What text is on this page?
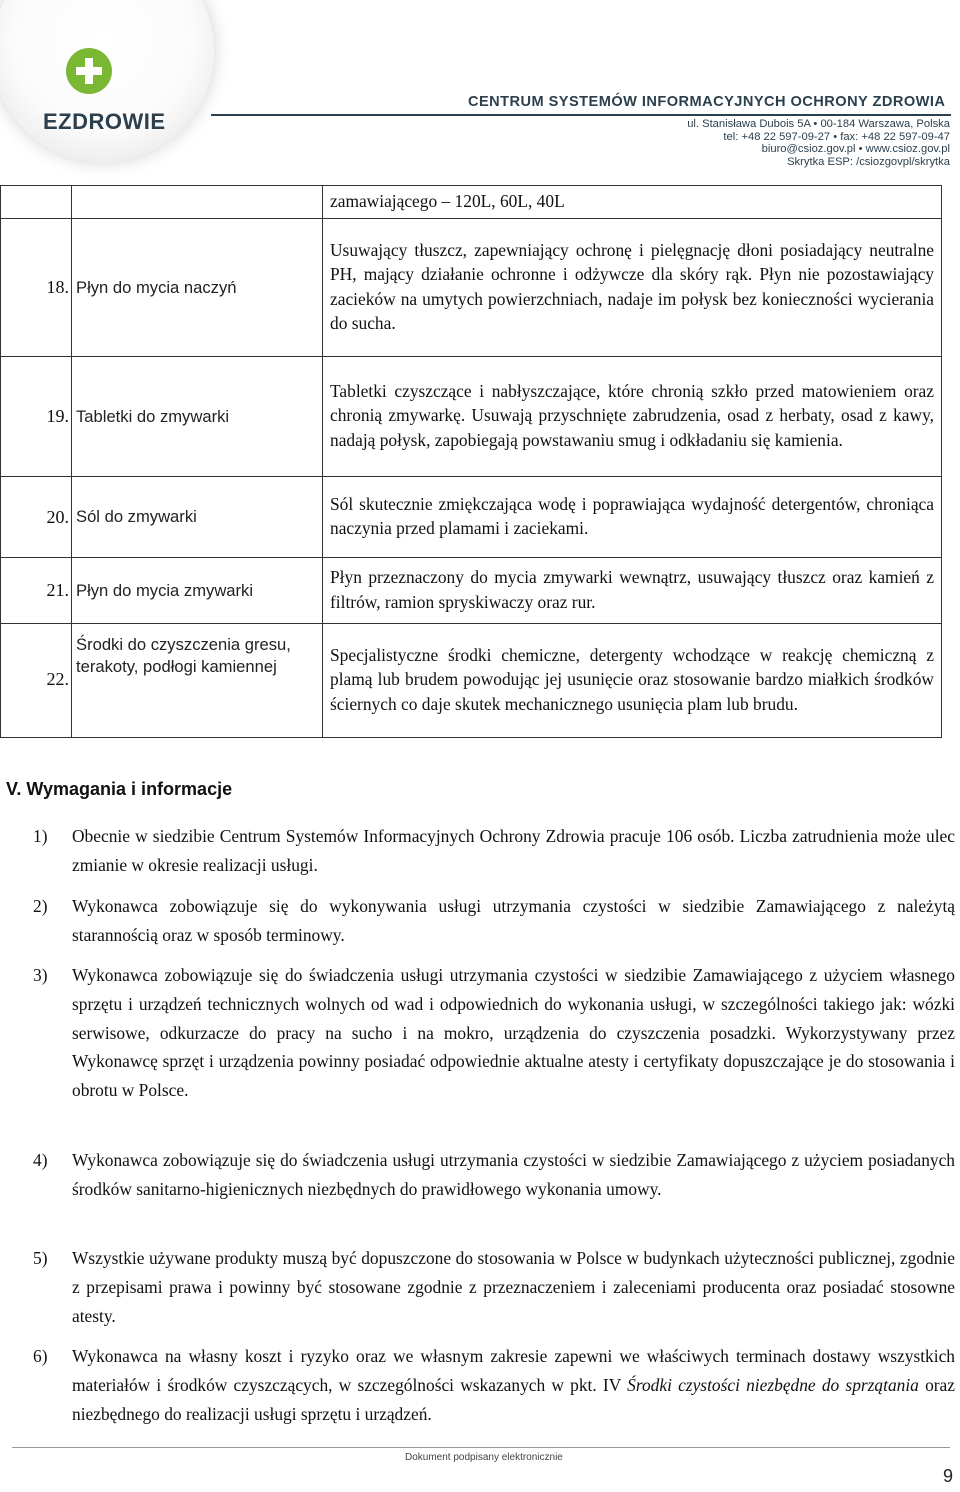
EZDROWIE
CENTRUM SYSTEMÓW INFORMACYJNYCH OCHRONY ZDROWIA
ul. Stanisława Dubois 5A • 00-184 Warszawa, Polska
tel: +48 22 597-09-27 • fax: +48 22 597-09-47
biuro@csioz.gov.pl • www.csioz.gov.pl
Skrytka ESP: /csiozgovpl/skrytka
		zamawiającego – 120L, 60L, 40L
18.	Płyn do mycia naczyń	Usuwający tłuszcz, zapewniający ochronę i pielęgnację dłoni posiadający neutralne PH, mający działanie ochronne i odżywcze dla skóry rąk. Płyn nie pozostawiający zacieków na umytych powierzchniach, nadaje im połysk bez konieczności wycierania do sucha.
19.	Tabletki do zmywarki	Tabletki czyszczące i nabłyszczające, które chronią szkło przed matowieniem oraz chronią zmywarkę. Usuwają przyschnięte zabrudzenia, osad z herbaty, osad z kawy, nadają połysk, zapobiegają powstawaniu smug i odkładaniu się kamienia.
20.	Sól do zmywarki	Sól skutecznie zmiękczająca wodę i poprawiająca wydajność detergentów, chroniąca naczynia przed plamami i zaciekami.
21.	Płyn do mycia zmywarki	Płyn przeznaczony do mycia zmywarki wewnątrz, usuwający tłuszcz oraz kamień z filtrów, ramion spryskiwaczy oraz rur.
22.	Środki do czyszczenia gresu, terakoty, podłogi kamiennej	Specjalistyczne środki chemiczne, detergenty wchodzące w reakcję chemiczną z plamą lub brudem powodując jej usunięcie oraz stosowanie bardzo miałkich środków ściernych co daje skutek mechanicznego usunięcia plam lub brudu.
V. Wymagania i informacje
1) Obecnie w siedzibie Centrum Systemów Informacyjnych Ochrony Zdrowia pracuje 106 osób. Liczba zatrudnienia może ulec zmianie w okresie realizacji usługi.
2) Wykonawca zobowiązuje się do wykonywania usługi utrzymania czystości w siedzibie Zamawiającego z należytą starannością oraz w sposób terminowy.
3) Wykonawca zobowiązuje się do świadczenia usługi utrzymania czystości w siedzibie Zamawiającego z użyciem własnego sprzętu i urządzeń technicznych wolnych od wad i odpowiednich do wykonania usługi, w szczególności takiego jak: wózki serwisowe, odkurzacze do pracy na sucho i na mokro, urządzenia do czyszczenia posadzki. Wykorzystywany przez Wykonawcę sprzęt i urządzenia powinny posiadać odpowiednie aktualne atesty i certyfikaty dopuszczające je do stosowania i obrotu w Polsce.
4) Wykonawca zobowiązuje się do świadczenia usługi utrzymania czystości w siedzibie Zamawiającego z użyciem posiadanych środków sanitarno-higienicznych niezbędnych do prawidłowego wykonania umowy.
5) Wszystkie używane produkty muszą być dopuszczone do stosowania w Polsce w budynkach użyteczności publicznej, zgodnie z przepisami prawa i powinny być stosowane zgodnie z przeznaczeniem i zaleceniami producenta oraz posiadać stosowne atesty.
6) Wykonawca na własny koszt i ryzyko oraz we własnym zakresie zapewni we właściwych terminach dostawy wszystkich materiałów i środków czyszczących, w szczególności wskazanych w pkt. IV Środki czystości niezbędne do sprzątania oraz niezbędnego do realizacji usługi sprzętu i urządzeń.
Dokument podpisany elektronicznie
9
